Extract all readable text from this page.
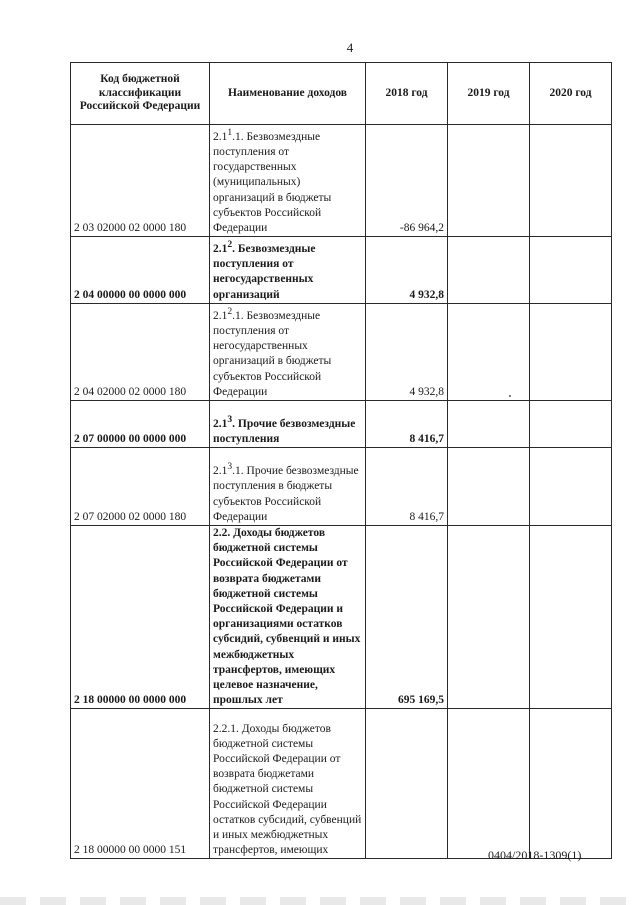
4
Код бюджетной классификации Российской Федерации	Наименование доходов	2018 год	2019 год	2020 год
2 03 02000 02 0000 180	$2.1^1.1$. Безвозмездные поступления от государственных (муниципальных) организаций в бюджеты субъектов Российской Федерации	-86 964,2		
2 04 00000 00 0000 000	$2.1^2$. Безвозмездные поступления от негосударственных организаций	4 932,8		
2 04 02000 02 0000 180	$2.1^2.1$. Безвозмездные поступления от негосударственных организаций в бюджеты субъектов Российской Федерации	4 932,8		
2 07 00000 00 0000 000	$2.1^3$. Прочие безвозмездные поступления	8 416,7		
2 07 02000 02 0000 180	$2.1^3.1$. Прочие безвозмездные поступления в бюджеты субъектов Российской Федерации	8 416,7		
2 18 00000 00 0000 000	2.2. Доходы бюджетов бюджетной системы Российской Федерации от возврата бюджетами бюджетной системы Российской Федерации и организациями остатков субсидий, субвенций и иных межбюджетных трансфертов, имеющих целевое назначение, прошлых лет	695 169,5		
2 18 00000 00 0000 151	2.2.1. Доходы бюджетов бюджетной системы Российской Федерации от возврата бюджетами бюджетной системы Российской Федерации остатков субсидий, субвенций и иных межбюджетных трансфертов, имеющих				0404/2018-1309(1)
